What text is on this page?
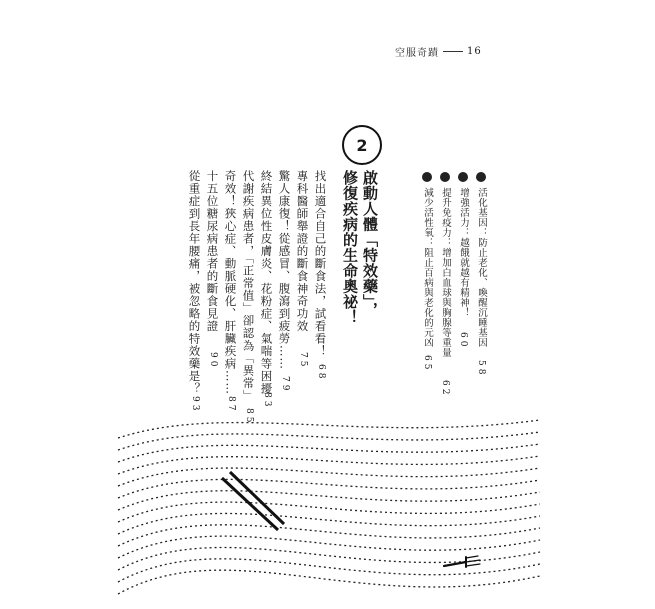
空服奇蹟	16
2
啟動人體「特效藥」，
修復疾病的生命奧祕！	活化基因：防止老化、喚醒沉睡基因
58
增強活力：越餓就越有精神！
60
提升免疫力：增加白血球與胸腺等重量
62
減少活性氧：阻止百病與老化的元凶
65
找出適合自己的斷食法，試看看！
68
專科醫師舉證的斷食神奇功效
75
驚人康復！從感冒、腹瀉到疲勞……
79
終結異位性皮膚炎、花粉症、氣喘等困擾
83
代謝疾病患者，「正常值」卻認為「異常」
85
奇效！狹心症、動脈硬化、肝臟疾病……
87
十五位糖尿病患者的斷食見證
90
從重症到長年腰痛，被忽略的特效藥是？
93
